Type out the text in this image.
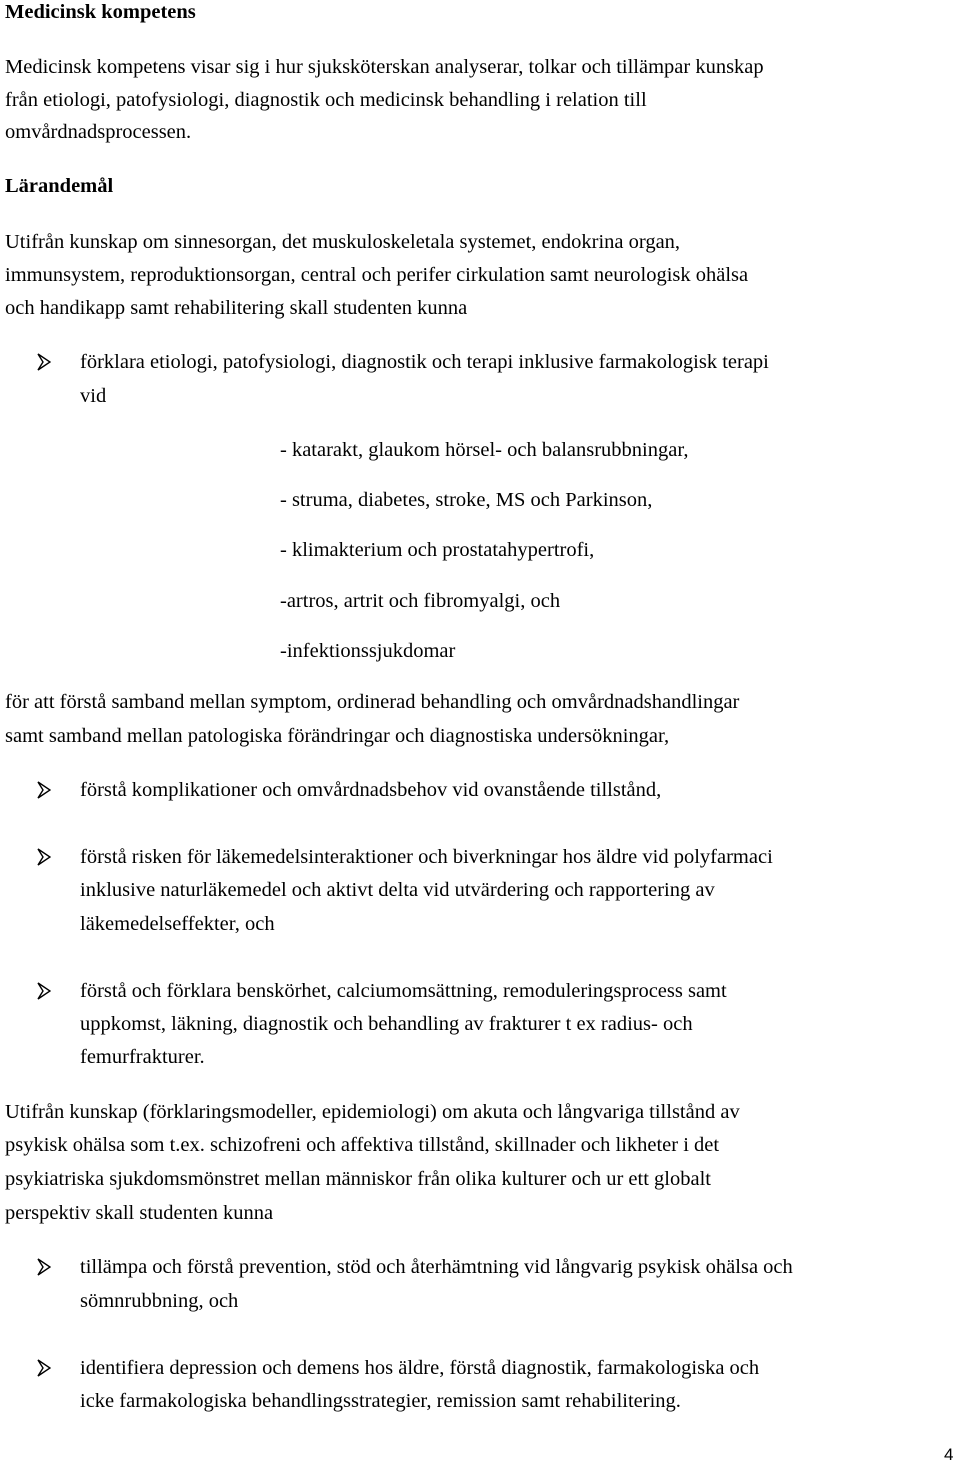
Medicinsk kompetens
Medicinsk kompetens visar sig i hur sjuksköterskan analyserar, tolkar och tillämpar kunskap
från etiologi, patofysiologi, diagnostik och medicinsk behandling i relation till
omvårdnadsprocessen.
Lärandemål
Utifrån kunskap om sinnesorgan, det muskuloskeletala systemet, endokrina organ,
immunsystem, reproduktionsorgan, central och perifer cirkulation samt neurologisk ohälsa
och handikapp samt rehabilitering skall studenten kunna
förklara etiologi, patofysiologi, diagnostik och terapi inklusive farmakologisk terapi
vid
- katarakt, glaukom hörsel- och balansrubbningar,
- struma, diabetes, stroke, MS och Parkinson,
- klimakterium och prostatahypertrofi,
-artros, artrit och fibromyalgi, och
-infektionssjukdomar
för att förstå samband mellan symptom, ordinerad behandling och omvårdnadshandlingar
samt samband mellan patologiska förändringar och diagnostiska undersökningar,
förstå komplikationer och omvårdnadsbehov vid ovanstående tillstånd,
förstå risken för läkemedelsinteraktioner och biverkningar hos äldre vid polyfarmaci
inklusive naturläkemedel och aktivt delta vid utvärdering och rapportering av
läkemedelseffekter, och
förstå och förklara benskörhet, calciumomsättning, remoduleringsprocess samt
uppkomst, läkning, diagnostik och behandling av frakturer t ex radius- och
femurfrakturer.
Utifrån kunskap (förklaringsmodeller, epidemiologi) om akuta och långvariga tillstånd av
psykisk ohälsa som t.ex. schizofreni och affektiva tillstånd, skillnader och likheter i det
psykiatriska sjukdomsmönstret mellan människor från olika kulturer och ur ett globalt
perspektiv skall studenten kunna
tillämpa och förstå prevention, stöd och återhämtning vid långvarig psykisk ohälsa och
sömnrubbning, och
identifiera depression och demens hos äldre, förstå diagnostik, farmakologiska och
icke farmakologiska behandlingsstrategier, remission samt rehabilitering.
4
